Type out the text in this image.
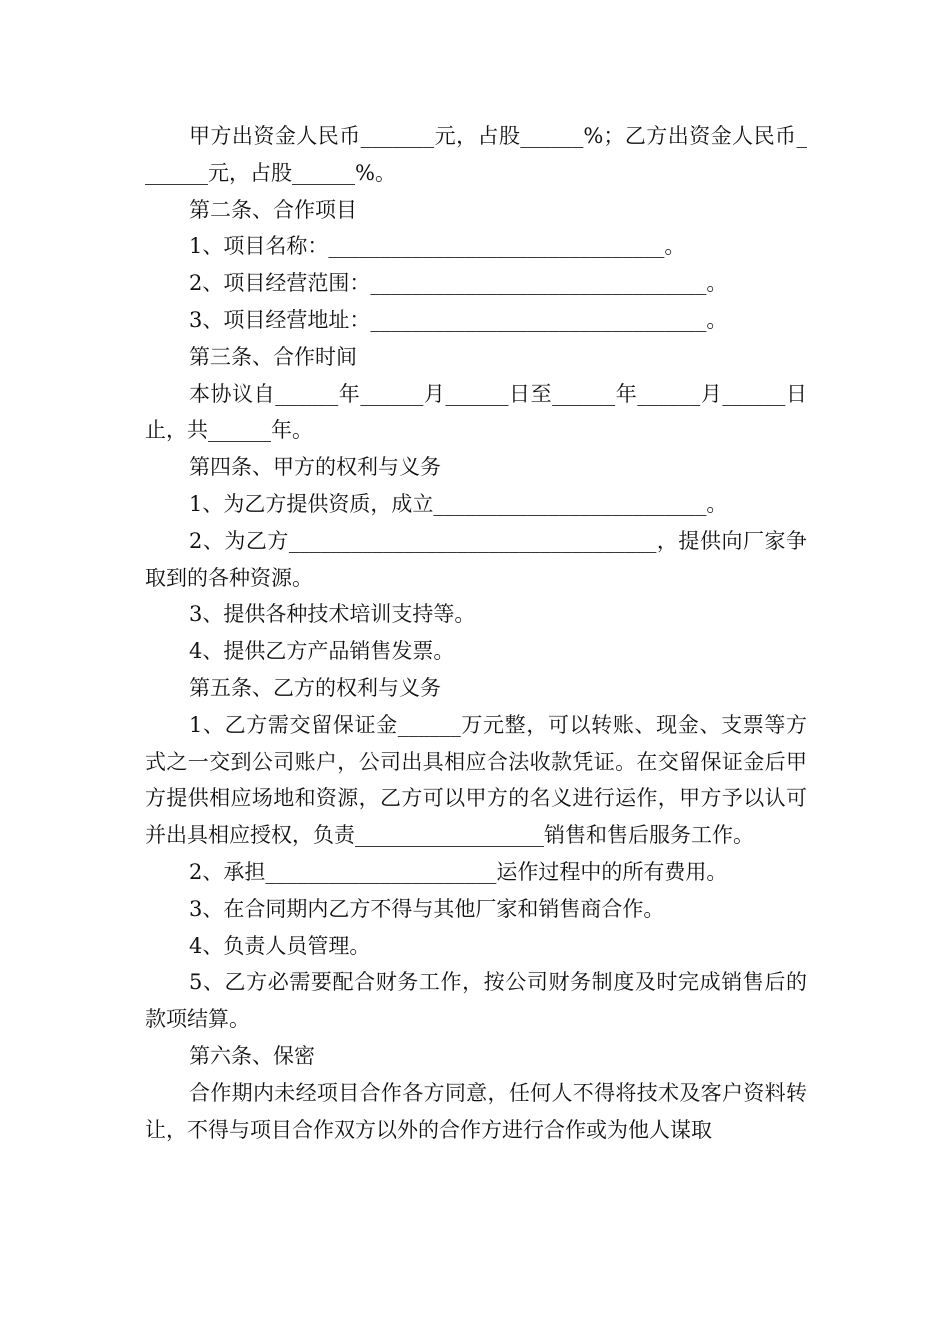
甲方出资金人民币_______元，占股______%；乙方出资金人民币_______元，占股______%。

第二条、合作项目

1、项目名称：________________________________。

2、项目经营范围：________________________________。

3、项目经营地址：________________________________。

第三条、合作时间

本协议自______年______月______日至______年______月______日止，共______年。

第四条、甲方的权利与义务

1、为乙方提供资质，成立__________________________。

2、为乙方___________________________________，提供向厂家争取到的各种资源。

3、提供各种技术培训支持等。

4、提供乙方产品销售发票。

第五条、乙方的权利与义务

1、乙方需交留保证金______万元整，可以转账、现金、支票等方式之一交到公司账户，公司出具相应合法收款凭证。在交留保证金后甲方提供相应场地和资源，乙方可以甲方的名义进行运作，甲方予以认可并出具相应授权，负责__________________销售和售后服务工作。

2、承担______________________运作过程中的所有费用。

3、在合同期内乙方不得与其他厂家和销售商合作。

4、负责人员管理。

5、乙方必需要配合财务工作，按公司财务制度及时完成销售后的款项结算。

第六条、保密

合作期内未经项目合作各方同意，任何人不得将技术及客户资料转让，不得与项目合作双方以外的合作方进行合作或为他人谋取
